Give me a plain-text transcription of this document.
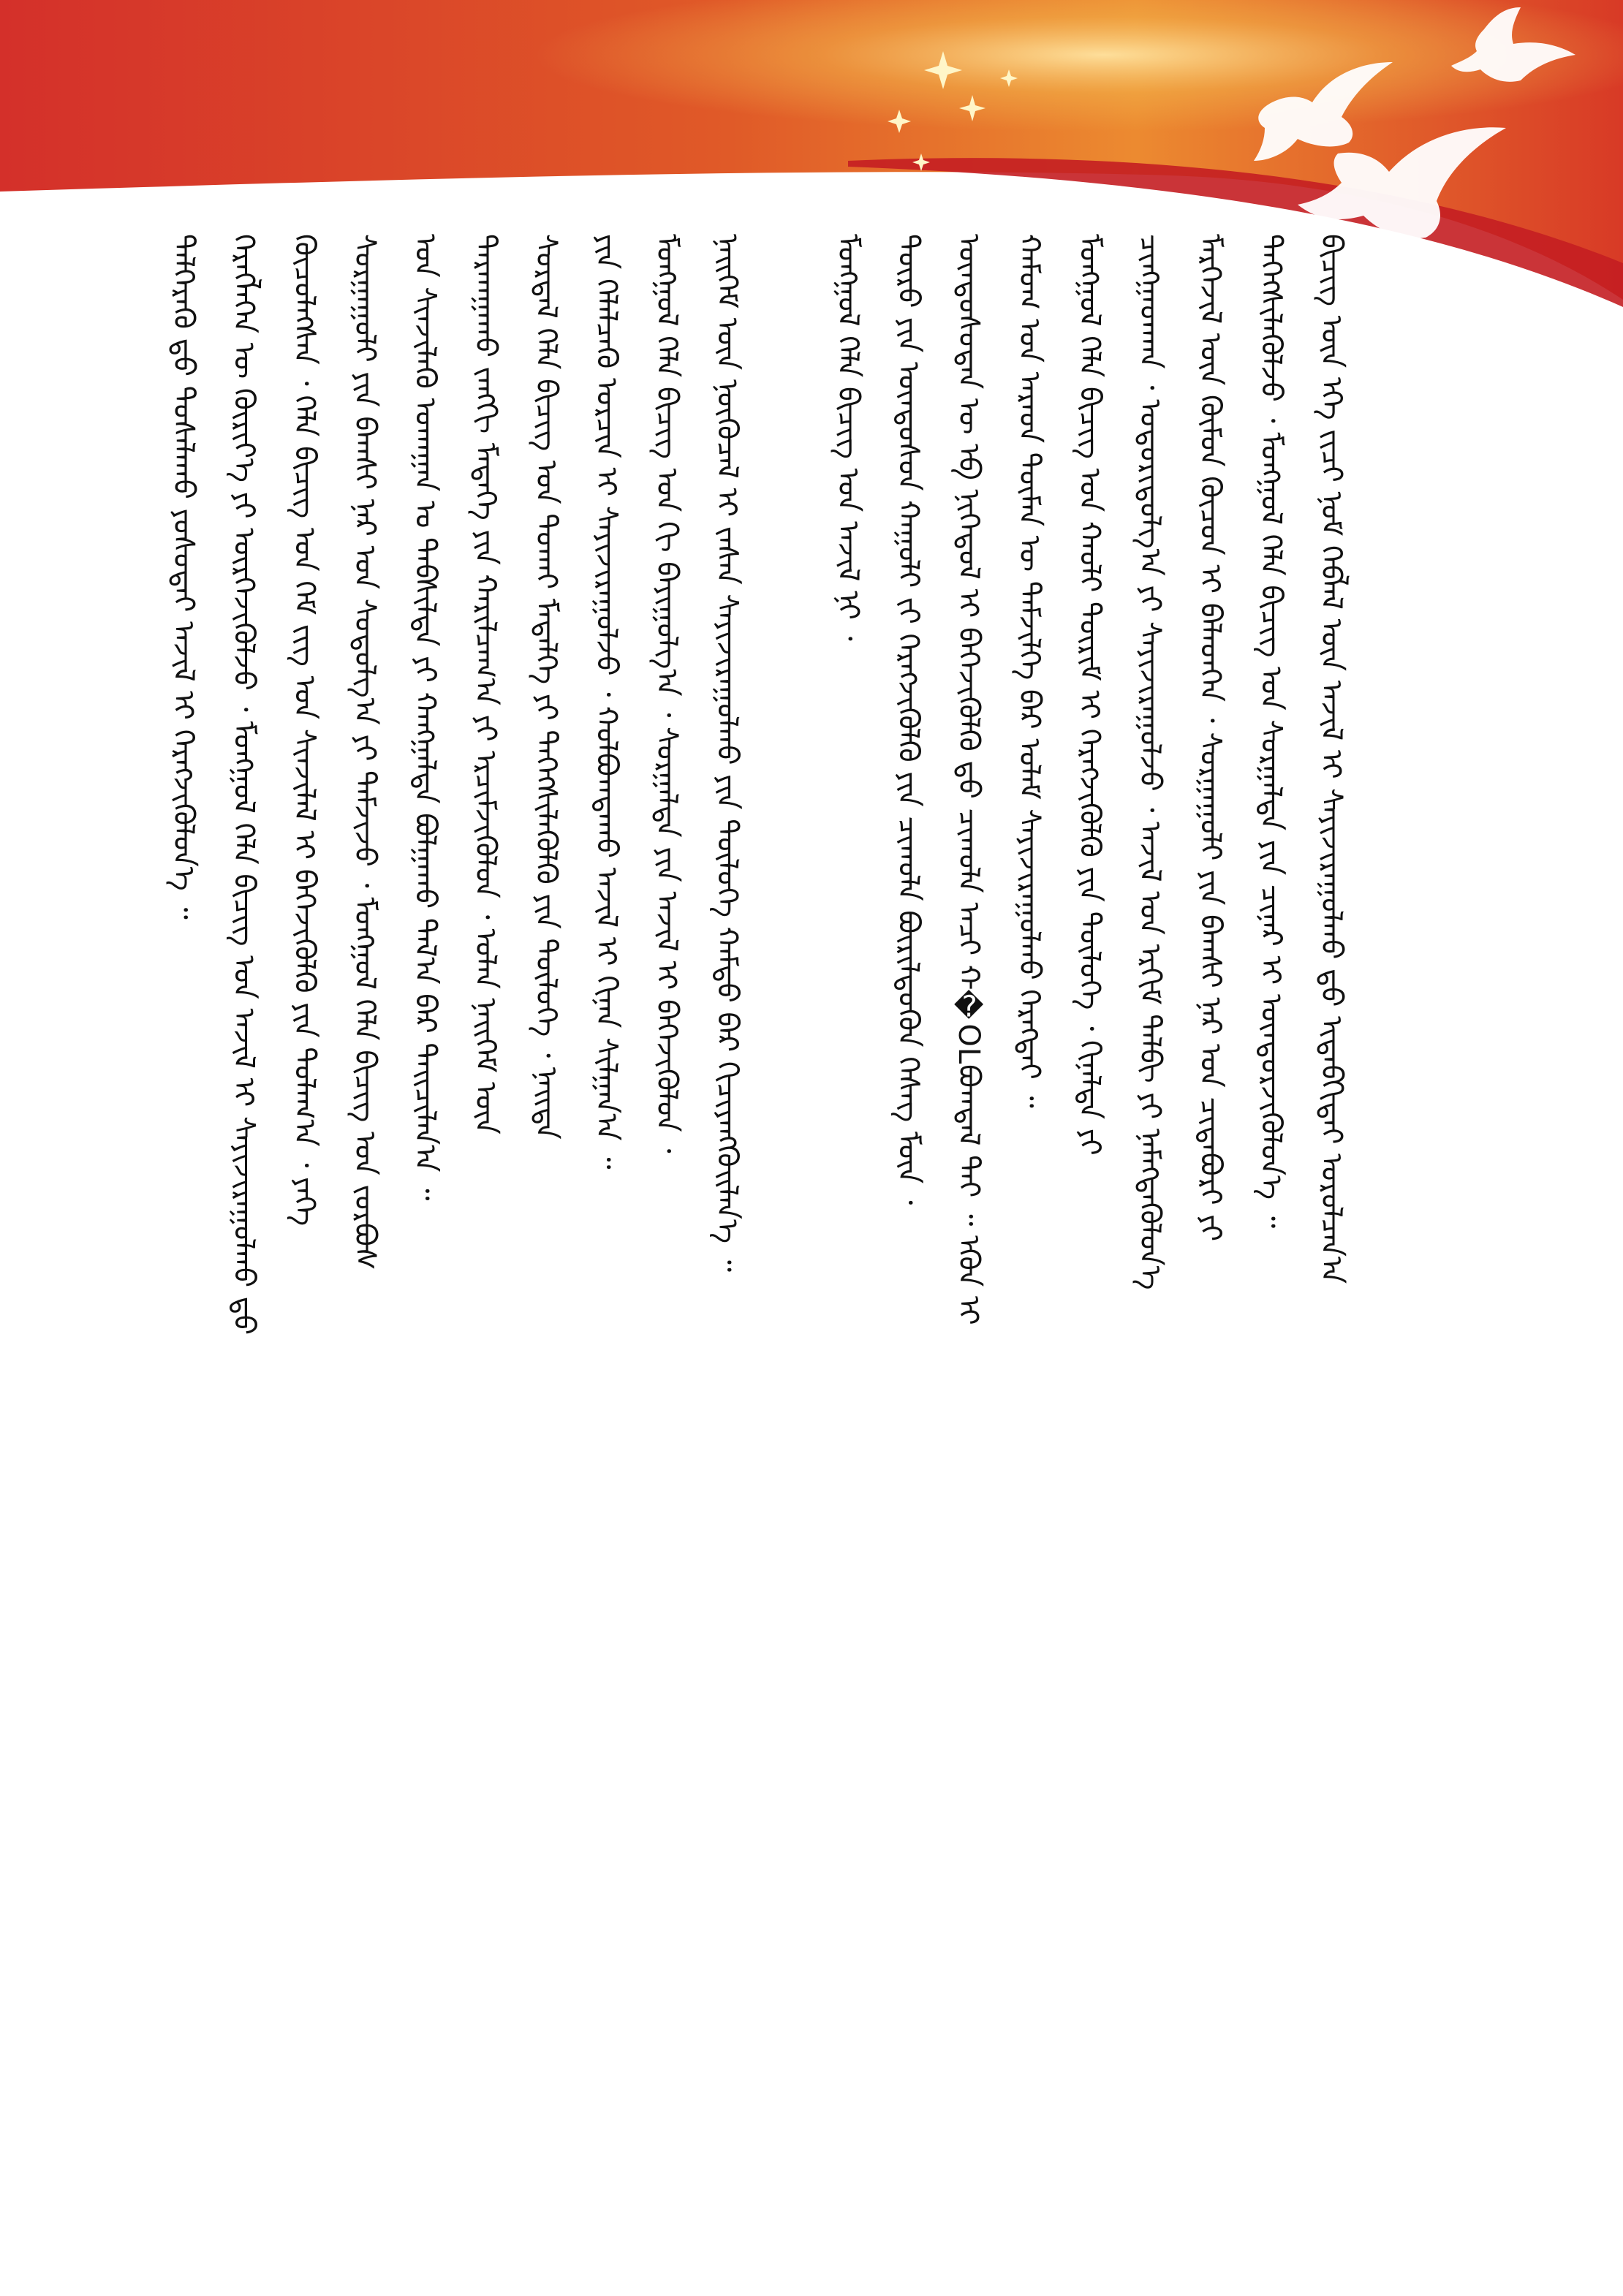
ᠳᠡᠯᠭᠡᠷᠡᠬᠦ ᠳ᠋ᠤ ᠲᠤᠰᠠᠯᠠᠬᠤ ᠶᠤᠰᠤᠳᠠᠢ ᠠᠵᠢᠯ ᠢ ᠬᠡᠷᠡᠭᠵᠢᠭᠦᠯᠦᠨ᠎ᠡ ᠃ ᠬᠡᠷᠡᠭᠯᠡᠭᠡᠨ ᠦ ᠬᠦᠷᠢᠶ᠎ᠡ ᠶᠢ ᠥᠷᠭᠡᠵᠢᠭᠦᠯᠵᠦ ᠂ ᠮᠣᠩᠭᠣᠯ ᠬᠡᠯᠡ ᠪᠢᠴᠢᠭ ᠤᠨ ᠠᠵᠢᠯ ᠢ ᠰᠠᠶᠢᠵᠢᠷᠠᠭᠤᠯᠬᠤ ᠳ᠋ᠤ ᠬᠦᠴᠦᠯᠡᠭᠰᠡᠨ ᠂ ᠬᠡᠯᠡ ᠪᠢᠴᠢᠭ ᠤᠨ ᠬᠡᠮ ᠵᠢᠭ ᠤᠨ ᠰᠢᠨᠵᠢᠯᠡᠯ ᠢ ᠪᠡᠬᠡᠵᠢᠭᠦᠯᠬᠦ ᠶᠢᠨ ᠲᠤᠯᠠᠭ᠎ᠠ ᠂ ᠶᠡᠬᠡ ᠰᠤᠷᠭᠠᠭᠤᠯᠢ ᠶᠢᠨ ᠪᠠᠭᠰᠢ ᠨᠠᠷ ᠤᠨ ᠰᠤᠳᠤᠯᠭ᠎ᠠ ᠶᠢ ᠳᠡᠮᠵᠢᠵᠦ ᠂ ᠮᠣᠩᠭᠣᠯ ᠬᠡᠯᠡ ᠪᠢᠴᠢᠭ ᠤᠨ ᠵᠤᠷᠪᠤᠰ ᠤᠨ ᠰᠢᠨᠵᠢᠯᠡᠬᠦ ᠤᠬᠠᠭᠠᠨ ᠤ ᠳᠡᠪᠰᠢᠯᠲᠡ ᠶᠢ ᠬᠠᠩᠭᠠᠯᠲᠠ ᠪᠣᠯᠭᠠᠬᠤ ᠲᠠᠯ᠎ᠠ ᠪᠡᠷ ᠳᠠᠢᠴᠢᠯᠠᠨ᠎ᠠ ᠃ ᠲᠠᠷᠬᠠᠭᠠᠬᠤ ᠵᠠᠩᠭᠢ ᠮᠡᠳᠡᠭᠡ ᠶᠢᠨ ᠬᠠᠷᠢᠯᠴᠠᠭ᠎ᠠ ᠶᠢ ᠡᠷᠴᠢᠮᠵᠢᠭᠦᠯᠦᠨ ᠂ ᠣᠯᠠᠨ ᠨᠡᠢᠭᠡᠮ ᠦᠨ ᠰᠤᠷᠲᠠᠯ ᠬᠡᠯᠡ ᠪᠢᠴᠢᠭ ᠤᠨ ᠲᠤᠬᠠᠢ ᠮᠡᠳᠡᠯᠭᠡ ᠶᠢ ᠳᠡᠭᠡᠭᠰᠢᠯᠡᠭᠦᠯᠬᠦ ᠶᠢᠨ ᠲᠥᠯᠦᠭᠡ ᠂ ᠨᠡᠢᠲᠡ ᠶᠢᠨ ᠬᠡᠯᠡᠯᠴᠡᠬᠦ ᠣᠷᠴᠢᠨ ᠢ ᠰᠠᠶᠢᠵᠢᠷᠠᠭᠤᠯᠵᠤ ᠂ ᠬᠣᠯᠪᠣᠭᠳᠠᠬᠤ ᠠᠵᠢᠯ ᠢ ᠬᠢᠨᠠᠨ ᠰᠢᠯᠭᠠᠨ᠎ᠠ ᠃ ᠮᠣᠩᠭᠣᠯ ᠬᠡᠯᠡ ᠪᠢᠴᠢᠭ ᠤᠨ ᠬᠢ ᠪᠠᠶᠢᠭᠤᠯᠭ᠎ᠠ ᠂ ᠰᠤᠷᠭᠠᠯᠲᠠ ᠶᠢᠨ ᠠᠵᠢᠯ ᠢ ᠪᠡᠬᠡᠵᠢᠭᠦᠯᠦᠨ ᠂ ᠨᠡᠢᠭᠡᠮ ᠦᠨ ᠨᠥᠬᠥᠴᠡᠯ ᠢ ᠵᠠᠰᠠᠨ ᠰᠠᠶᠢᠵᠢᠷᠠᠭᠤᠯᠬᠤ ᠶᠢᠨ ᠲᠥᠯᠦᠭᠡ ᠬᠠᠮᠲᠤ ᠪᠡᠷ ᠬᠢᠴᠢᠶᠡᠩᠭᠦᠢᠯᠡᠨ᠎ᠡ ᠃	ᠮᠣᠩᠭᠣᠯ ᠬᠡᠯᠡ ᠪᠢᠴᠢᠭ ᠤᠨ ᠠᠵᠢᠯ ᠨᠢ ᠂ ᠲᠥᠷᠥ ᠶᠢᠨ ᠦᠨᠳᠦᠰᠦᠨ ᠬᠠᠭᠤᠯᠢ ᠵᠢ ᠬᠡᠷᠡᠭᠵᠢᠭᠦᠯᠬᠦ ᠶᠢᠨ ᠴᠢᠬᠤᠯᠠ ᠪᠦᠷᠢᠯᠳᠦᠬᠦᠨ ᠬᠡᠰᠡᠭ ᠮᠥᠨ ᠂ ᠦᠨᠳᠦᠰᠦᠲᠡᠨ ᠦ ᠡᠪ ᠨᠢᠭᠡᠳᠦᠯ ᠢ ᠪᠡᠬᠡᠵᠢᠭᠦᠯᠬᠦ ᠳ᠋ᠤ ᠴᠢᠬᠤᠯᠠ ᠠᠴᠢ ᠬ�OLᠪᠣᠭᠳᠠᠯ ᠲᠠᠢ ᠃ ᠡᠭᠦᠨ ᠢ ᠬᠠᠮᠤᠭ ᠤᠨ ᠠᠷᠠᠳ ᠲᠥᠮᠡᠨ ᠦ ᠳᠡᠮᠵᠢᠯᠭᠡ ᠪᠡᠷ ᠤᠯᠠᠮ ᠰᠠᠶᠢᠵᠢᠷᠠᠭᠤᠯᠬᠤ ᠬᠡᠷᠡᠭᠲᠡᠢ ᠃ ᠮᠣᠩᠭᠣᠯ ᠬᠡᠯᠡ ᠪᠢᠴᠢᠭ ᠤᠨ ᠬᠠᠤᠯᠢ ᠳᠦᠷᠢᠮ ᠢ ᠬᠡᠷᠡᠭᠵᠢᠭᠦᠯᠬᠦ ᠶᠢᠨ ᠲᠥᠯᠦᠭᠡ ᠂ ᠬᠢᠨᠠᠯᠲᠠ ᠶᠢ ᠴᠢᠩᠭᠠᠳᠬᠠᠨ ᠂ ᠤᠳᠤᠷᠢᠳᠤᠯᠭ᠎ᠠ ᠶᠢ ᠰᠠᠶᠢᠵᠢᠷᠠᠭᠤᠯᠵᠤ ᠂ ᠠᠵᠢᠯ ᠤᠨ ᠡᠷᠬᠢᠮ ᠳᠠᠯᠪᠢ ᠶᠢ ᠨᠡᠮᠡᠭᠳᠡᠭᠦᠯᠦᠨ᠎ᠡ ᠮᠡᠷᠭᠡᠵᠢᠯ ᠦᠨ ᠬᠦᠮᠦᠨ ᠬᠦᠴᠦᠨ ᠢ ᠪᠡᠯᠡᠳᠬᠡᠨ ᠂ ᠰᠤᠷᠭᠠᠭᠤᠯᠢ ᠶᠢᠨ ᠪᠠᠭᠰᠢ ᠨᠠᠷ ᠤᠨ ᠴᠢᠳᠠᠪᠤᠷᠢ ᠶᠢ ᠳᠡᠭᠡᠭᠰᠢᠯᠡᠭᠦᠯᠵᠦ ᠂ ᠮᠣᠩᠭᠣᠯ ᠬᠡᠯᠡ ᠪᠢᠴᠢᠭ ᠤᠨ ᠰᠤᠷᠭᠠᠯᠲᠠ ᠶᠢᠨ ᠴᠢᠨᠠᠷ ᠢ ᠥᠨᠳᠦᠷᠵᠢᠭᠦᠯᠦᠨ᠎ᠡ ᠃ ᠪᠢᠴᠢᠭ ᠦᠨ ᠡᠬᠡ ᠵᠢᠴᠢ ᠨᠣᠮ ᠬᠡᠪᠯᠡᠯ ᠦᠨ ᠠᠵᠢᠯ ᠢ ᠰᠠᠶᠢᠵᠢᠷᠠᠭᠤᠯᠬᠤ ᠳ᠋ᠤ ᠢᠳᠡᠪᠬᠢᠲᠡᠢ ᠣᠷᠤᠯᠴᠠᠨ᠎ᠠ
